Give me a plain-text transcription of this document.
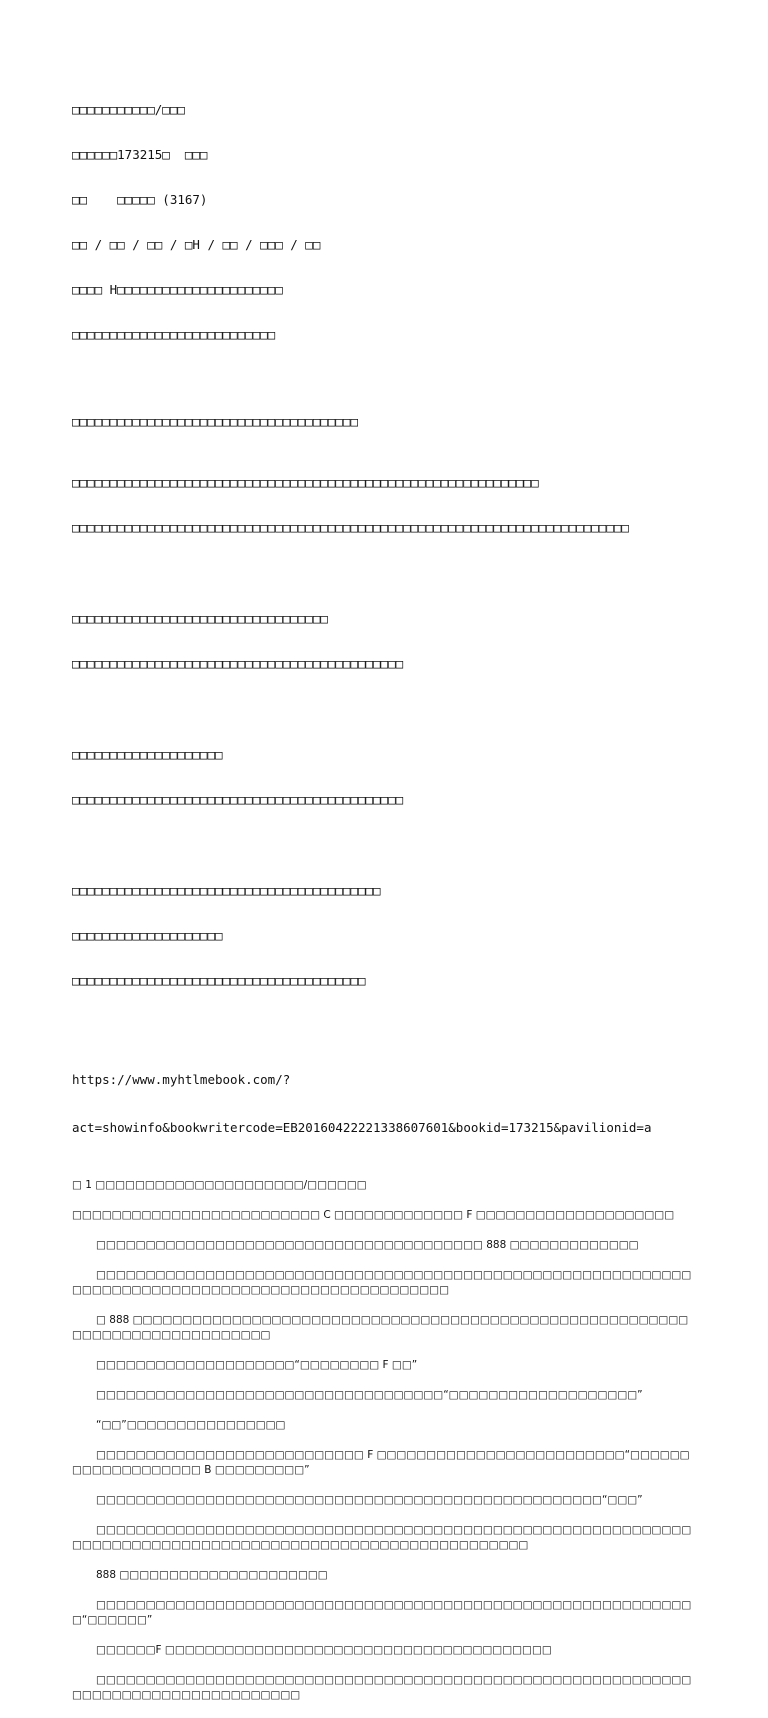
□□□□□□□□□□□/□□□

□□□□□□173215□  □□□

□□    □□□□□ (3167)

□□ / □□ / □□ / □H / □□ / □□□ / □□

□□□□ H□□□□□□□□□□□□□□□□□□□□□□

□□□□□□□□□□□□□□□□□□□□□□□□□□□

□□□□□□□□□□□□□□□□□□□□□□□□□□□□□□□□□□□□□□

□□□□□□□□□□□□□□□□□□□□□□□□□□□□□□□□□□□□□□□□□□□□□□□□□□□□□□□□□□□□□□

□□□□□□□□□□□□□□□□□□□□□□□□□□□□□□□□□□□□□□□□□□□□□□□□□□□□□□□□□□□□□□□□□□□□□□□□□□

□□□□□□□□□□□□□□□□□□□□□□□□□□□□□□□□□□

□□□□□□□□□□□□□□□□□□□□□□□□□□□□□□□□□□□□□□□□□□□□

□□□□□□□□□□□□□□□□□□□□

□□□□□□□□□□□□□□□□□□□□□□□□□□□□□□□□□□□□□□□□□□□□

□□□□□□□□□□□□□□□□□□□□□□□□□□□□□□□□□□□□□□□□□

□□□□□□□□□□□□□□□□□□□□

□□□□□□□□□□□□□□□□□□□□□□□□□□□□□□□□□□□□□□□

https://www.myhtlmebook.com/?

act=showinfo&bookwritercode=EB20160422221338607601&bookid=173215&pavilionid=a

□ 1 □□□□□□□□□□□□□□□□□□□□□/□□□□□□

□□□□□□□□□□□□□□□□□□□□□□□□□ C □□□□□□□□□□□□□ F □□□□□□□□□□□□□□□□□□□□

□□□□□□□□□□□□□□□□□□□□□□□□□□□□□□□□□□□□□□□ 888 □□□□□□□□□□□□□

□□□□□□□□□□□□□□□□□□□□□□□□□□□□□□□□□□□□□□□□□□□□□□□□□□□□□□□□□□□□□□□□□□□□□□□□□□□□□□□□□□□□□□□□□□□□□□□□□□

□ 888 □□□□□□□□□□□□□□□□□□□□□□□□□□□□□□□□□□□□□□□□□□□□□□□□□□□□□□□□□□□□□□□□□□□□□□□□□□□□

□□□□□□□□□□□□□□□□□□□□“□□□□□□□□ F □□”

□□□□□□□□□□□□□□□□□□□□□□□□□□□□□□□□□□□“□□□□□□□□□□□□□□□□□□□”

“□□”□□□□□□□□□□□□□□□□

□□□□□□□□□□□□□□□□□□□□□□□□□□□ F □□□□□□□□□□□□□□□□□□□□□□□□□“□□□□□□□□□□□□□□□□□□□ B □□□□□□□□□”

□□□□□□□□□□□□□□□□□□□□□□□□□□□□□□□□□□□□□□□□□□□□□□□□□□□“□□□”

□□□□□□□□□□□□□□□□□□□□□□□□□□□□□□□□□□□□□□□□□□□□□□□□□□□□□□□□□□□□□□□□□□□□□□□□□□□□□□□□□□□□□□□□□□□□□□□□□□□□□□□□□□

888 □□□□□□□□□□□□□□□□□□□□□

□□□□□□□□□□□□□□□□□□□□□□□□□□□□□□□□□□□□□□□□□□□□□□□□□□□□□□□□□□□□□“□□□□□□”

□□□□□□F □□□□□□□□□□□□□□□□□□□□□□□□□□□□□□□□□□□□□□□

□□□□□□□□□□□□□□□□□□□□□□□□□□□□□□□□□□□□□□□□□□□□□□□□□□□□□□□□□□□□□□□□□□□□□□□□□□□□□□□□□□□
